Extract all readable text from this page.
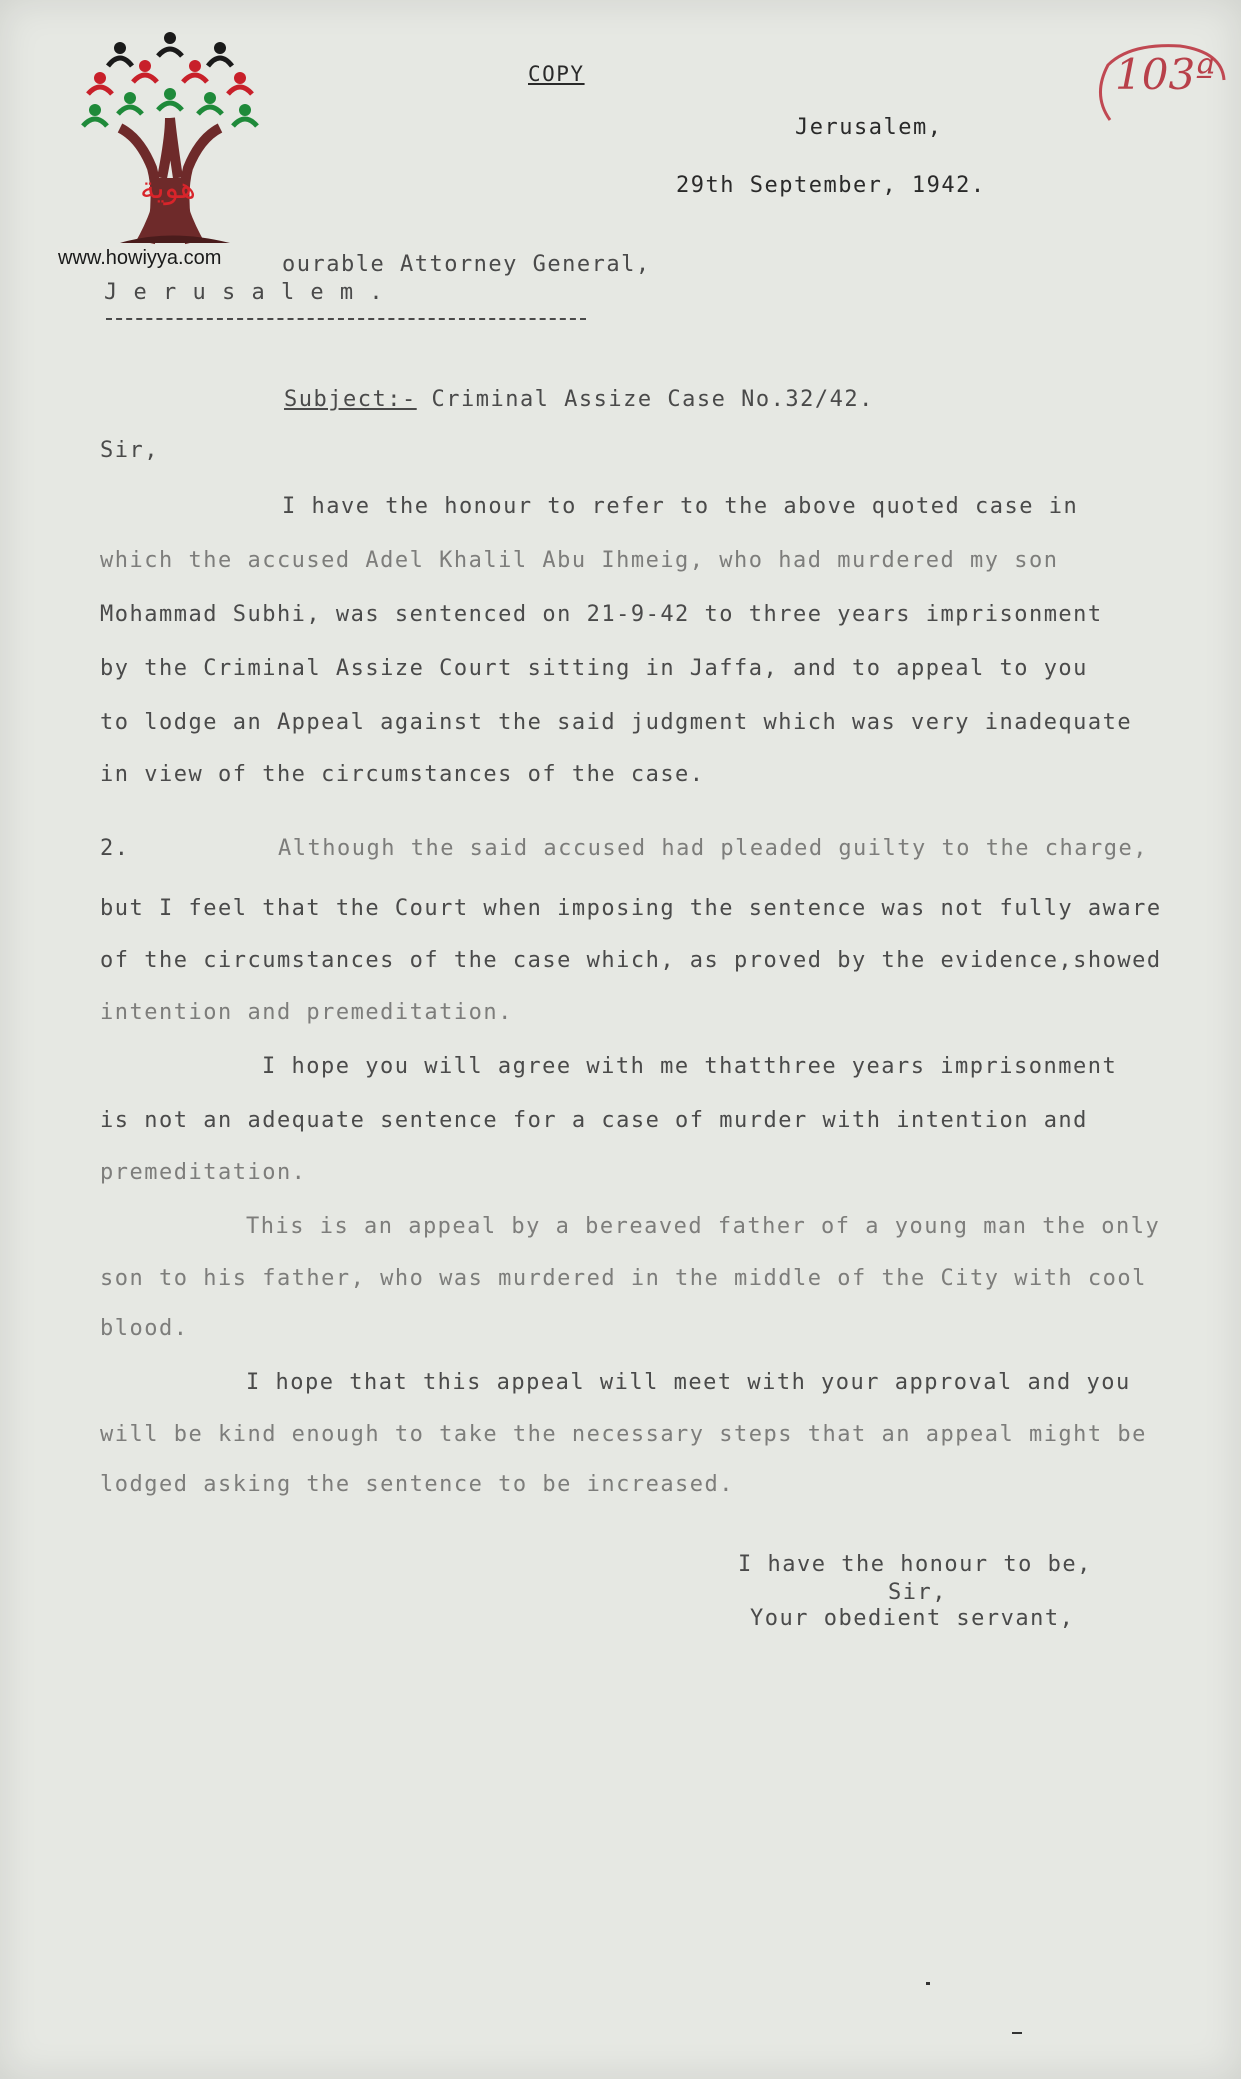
هوية
www.howiyya.com
103ª
COPY
Jerusalem,
29th September, 1942.
ourable Attorney General,
J e r u s a l e m .
Subject:- Criminal Assize Case No.32/42.
Sir,
I have the honour to refer to the above quoted case in
which the accused Adel Khalil Abu Ihmeig, who had murdered my son
Mohammad Subhi, was sentenced on 21-9-42 to three years imprisonment
by the Criminal Assize Court sitting in Jaffa, and to appeal to you
to lodge an Appeal against the said judgment which was very inadequate
in view of the circumstances of the case.
2.	Although the said accused had pleaded guilty to the charge,
but I feel that the Court when imposing the sentence was not fully aware
of the circumstances of the case which, as proved by the evidence,showed
intention and premeditation.
I hope you will agree with me thatthree years imprisonment
is not an adequate sentence for a case of murder with intention and
premeditation.
This is an appeal by a bereaved father of a young man the only
son to his father, who was murdered in the middle of the City with cool
blood.
I hope that this appeal will meet with your approval and you
will be kind enough to take the necessary steps that an appeal might be
lodged asking the sentence to be increased.
I have the honour to be,
Sir,
Your obedient servant,
